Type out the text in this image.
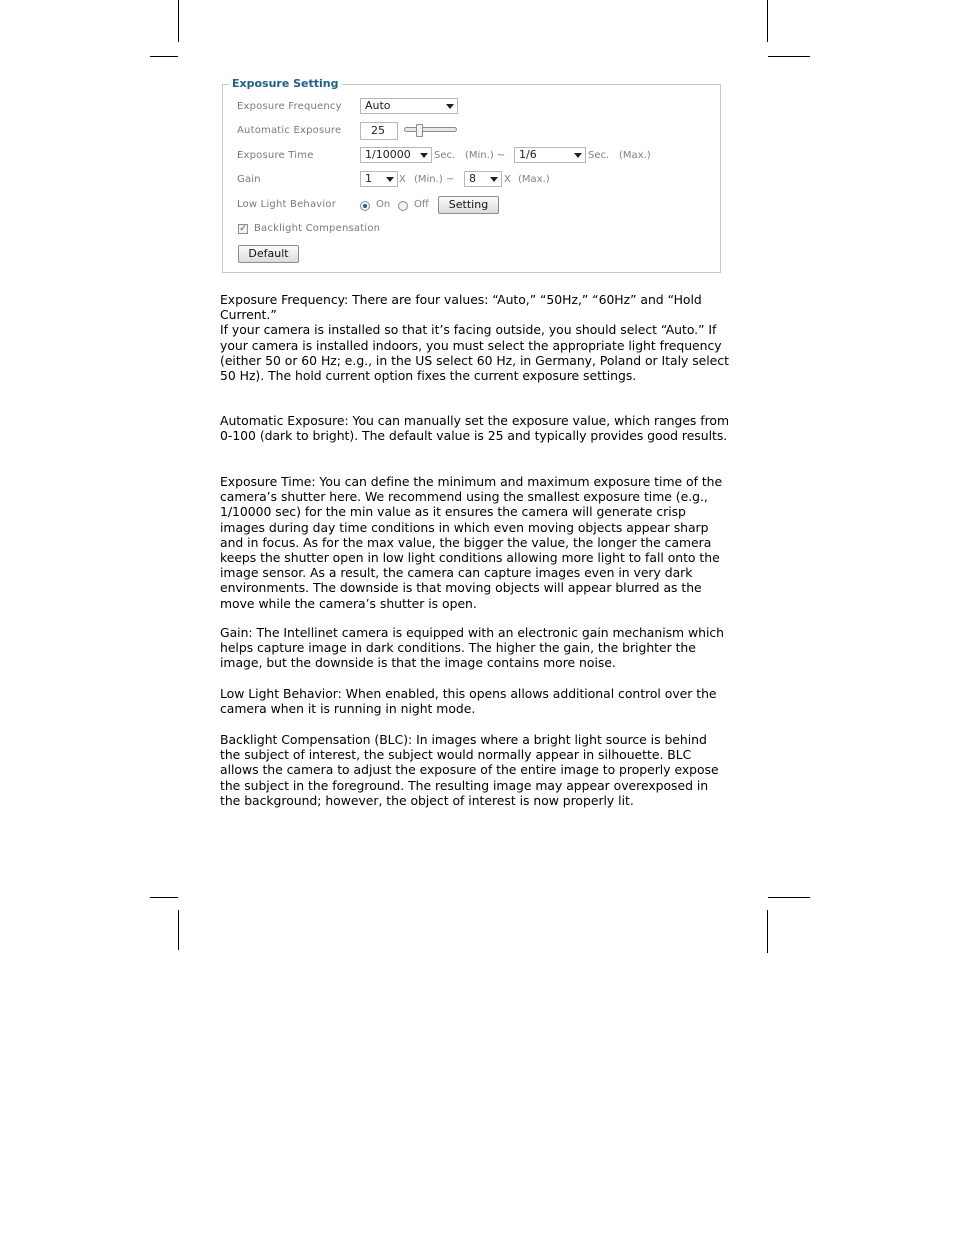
Exposure Setting
Exposure Frequency	Auto
Automatic Exposure	25
Exposure Time	1/10000	Sec. (Min.) ~	1/6	Sec. (Max.)
Gain	1	X (Min.) ~	8	X (Max.)
Low Light Behavior	On Off	Setting
✓ Backlight Compensation
Default

Exposure Frequency: There are four values: “Auto,” “50Hz,” “60Hz” and “Hold Current.”

If your camera is installed so that it’s facing outside, you should select “Auto.” If your camera is installed indoors, you must select the appropriate light frequency (either 50 or 60 Hz; e.g., in the US select 60 Hz, in Germany, Poland or Italy select 50 Hz). The hold current option fixes the current exposure settings.

Automatic Exposure: You can manually set the exposure value, which ranges from 0-100 (dark to bright). The default value is 25 and typically provides good results.

Exposure Time: You can define the minimum and maximum exposure time of the camera’s shutter here. We recommend using the smallest exposure time (e.g., 1/10000 sec) for the min value as it ensures the camera will generate crisp images during day time conditions in which even moving objects appear sharp and in focus. As for the max value, the bigger the value, the longer the camera keeps the shutter open in low light conditions allowing more light to fall onto the image sensor. As a result, the camera can capture images even in very dark environments. The downside is that moving objects will appear blurred as the move while the camera’s shutter is open.

Gain: The Intellinet camera is equipped with an electronic gain mechanism which helps capture image in dark conditions. The higher the gain, the brighter the image, but the downside is that the image contains more noise.

Low Light Behavior: When enabled, this opens allows additional control over the camera when it is running in night mode.

Backlight Compensation (BLC): In images where a bright light source is behind the subject of interest, the subject would normally appear in silhouette. BLC allows the camera to adjust the exposure of the entire image to properly expose the subject in the foreground. The resulting image may appear overexposed in the background; however, the object of interest is now properly lit.
